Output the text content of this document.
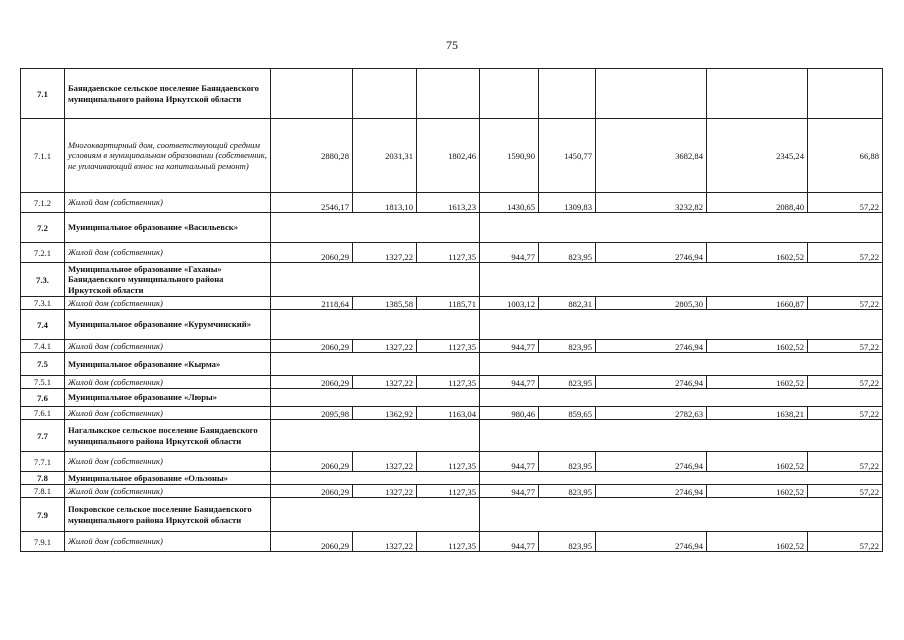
75
7.1	Баяндаевское сельское поселение Баяндаевского муниципального района Иркутской области								
7.1.1	Многоквартирный дом, соответствующий средним условиям в муниципальном образовании (собственник, не уплачивающий взнос на капитальный ремонт)	2880,28	2031,31	1802,46	1590,90	1450,77	3682,84	2345,24	66,88
7.1.2	Жилой дом (собственник)	2546,17	1813,10	1613,23	1430,65	1309,83	3232,82	2088,40	57,22
7.2	Муниципальное образование «Васильевск»								
7.2.1	Жилой дом (собственник)	2060,29	1327,22	1127,35	944,77	823,95	2746,94	1602,52	57,22
7.3.	Муниципальное образование «Гаханы» Баяндаевского муниципального района Иркутской области								
7.3.1	Жилой дом (собственник)	2118,64	1385,58	1185,71	1003,12	882,31	2805,30	1660,87	57,22
7.4	Муниципальное образование «Курумчинский»								
7.4.1	Жилой дом (собственник)	2060,29	1327,22	1127,35	944,77	823,95	2746,94	1602,52	57,22
7.5	Муниципальное образование «Кырма»								
7.5.1	Жилой дом (собственник)	2060,29	1327,22	1127,35	944,77	823,95	2746,94	1602,52	57,22
7.6	Муниципальное образование «Люры»								
7.6.1	Жилой дом (собственник)	2095,98	1362,92	1163,04	980,46	859,65	2782,63	1638,21	57,22
7.7	Нагалыкское сельское поселение Баяндаевского муниципального района Иркутской области								
7.7.1	Жилой дом (собственник)	2060,29	1327,22	1127,35	944,77	823,95	2746,94	1602,52	57,22
7.8	Муниципальное образование «Ользоны»								
7.8.1	Жилой дом (собственник)	2060,29	1327,22	1127,35	944,77	823,95	2746,94	1602,52	57,22
7.9	Покровское сельское поселение Баяндаевского муниципального района Иркутской области								
7.9.1	Жилой дом (собственник)	2060,29	1327,22	1127,35	944,77	823,95	2746,94	1602,52	57,22
